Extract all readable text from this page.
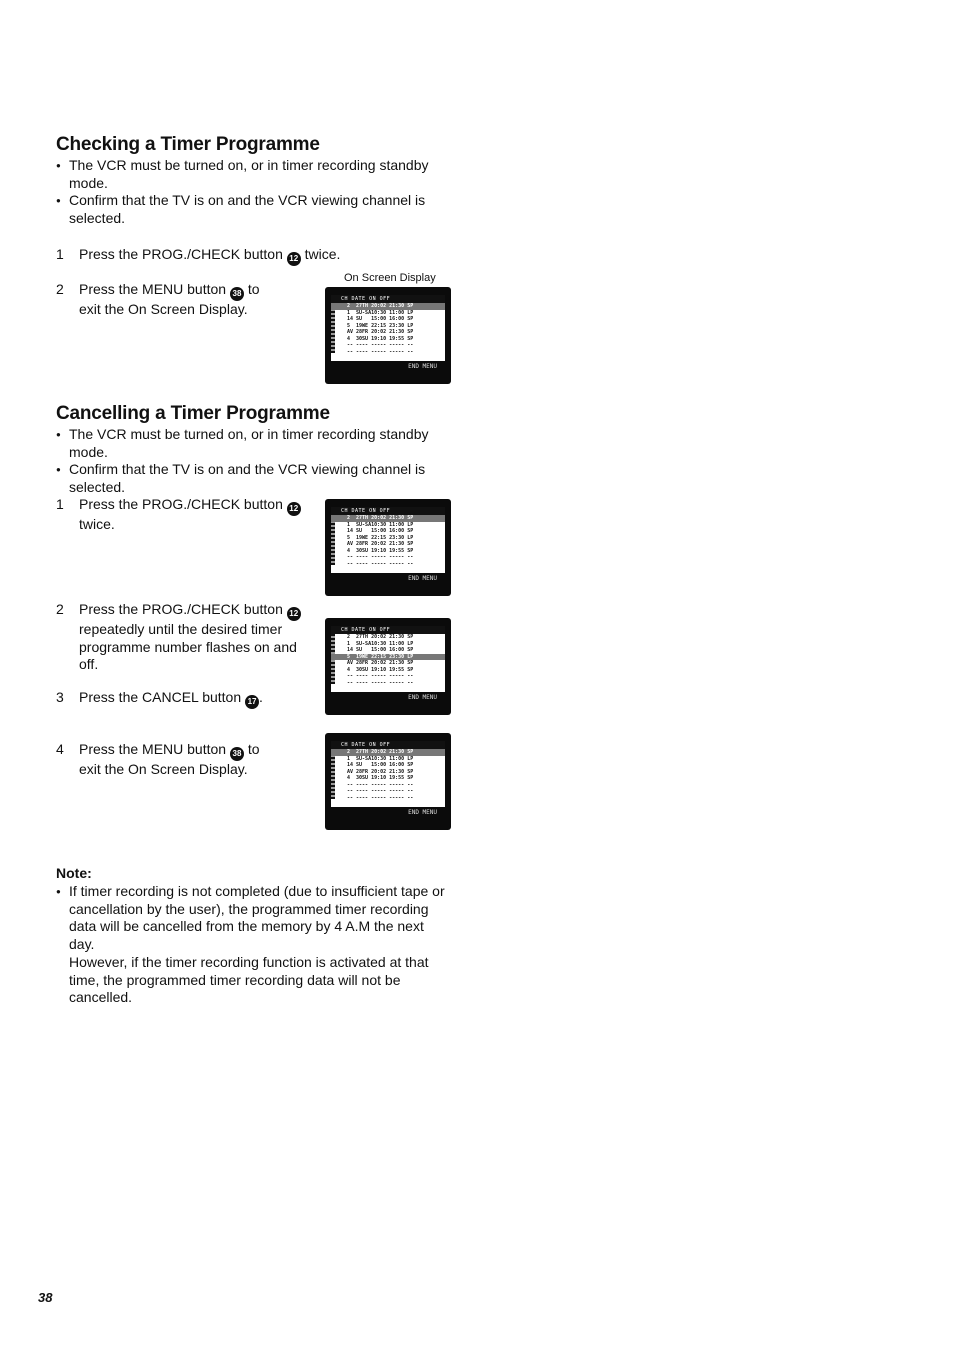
Checking a Timer Programme
● The VCR must be turned on, or in timer recording standby mode.
● Confirm that the TV is on and the VCR viewing channel is selected.
1 Press the PROG./CHECK button 12 twice.
2 Press the MENU button 38 to exit the On Screen Display.
On Screen Display
CH DATE ON OFF
2  27TH 20:02 21:30 SP
1  SU-SA10:30 11:00 LP
14 SU   15:00 16:00 SP
5  19WE 22:15 23:30 LP
AV 28FR 20:02 21:30 SP
4  30SU 19:10 19:55 SP
-- ---- ----- ----- --
-- ---- ----- ----- --
END MENU
Cancelling a Timer Programme
● The VCR must be turned on, or in timer recording standby mode.
● Confirm that the TV is on and the VCR viewing channel is selected.
1 Press the PROG./CHECK button 12 twice.
CH DATE ON OFF
2  27TH 20:02 21:30 SP
1  SU-SA10:30 11:00 LP
14 SU   15:00 16:00 SP
5  19WE 22:15 23:30 LP
AV 28FR 20:02 21:30 SP
4  30SU 19:10 19:55 SP
-- ---- ----- ----- --
-- ---- ----- ----- --
END MENU
2 Press the PROG./CHECK button 12 repeatedly until the desired timer programme number flashes on and off.
3 Press the CANCEL button 17 .
CH DATE ON OFF
2  27TH 20:02 21:30 SP
1  SU-SA10:30 11:00 LP
14 SU   15:00 16:00 SP
5  19WE 22:15 23:30 LP
AV 28FR 20:02 21:30 SP
4  30SU 19:10 19:55 SP
-- ---- ----- ----- --
-- ---- ----- ----- --
END MENU
4 Press the MENU button 38 to exit the On Screen Display.
CH DATE ON OFF
2  27TH 20:02 21:30 SP
1  SU-SA10:30 11:00 LP
14 SU   15:00 16:00 SP
AV 28FR 20:02 21:30 SP
4  30SU 19:10 19:55 SP
-- ---- ----- ----- --
-- ---- ----- ----- --
-- ---- ----- ----- --
END MENU
Note:
● If timer recording is not completed (due to insufficient tape or cancellation by the user), the programmed timer recording data will be cancelled from the memory by 4 A.M the next day.
However, if the timer recording function is activated at that time, the programmed timer recording data will not be cancelled.
38
